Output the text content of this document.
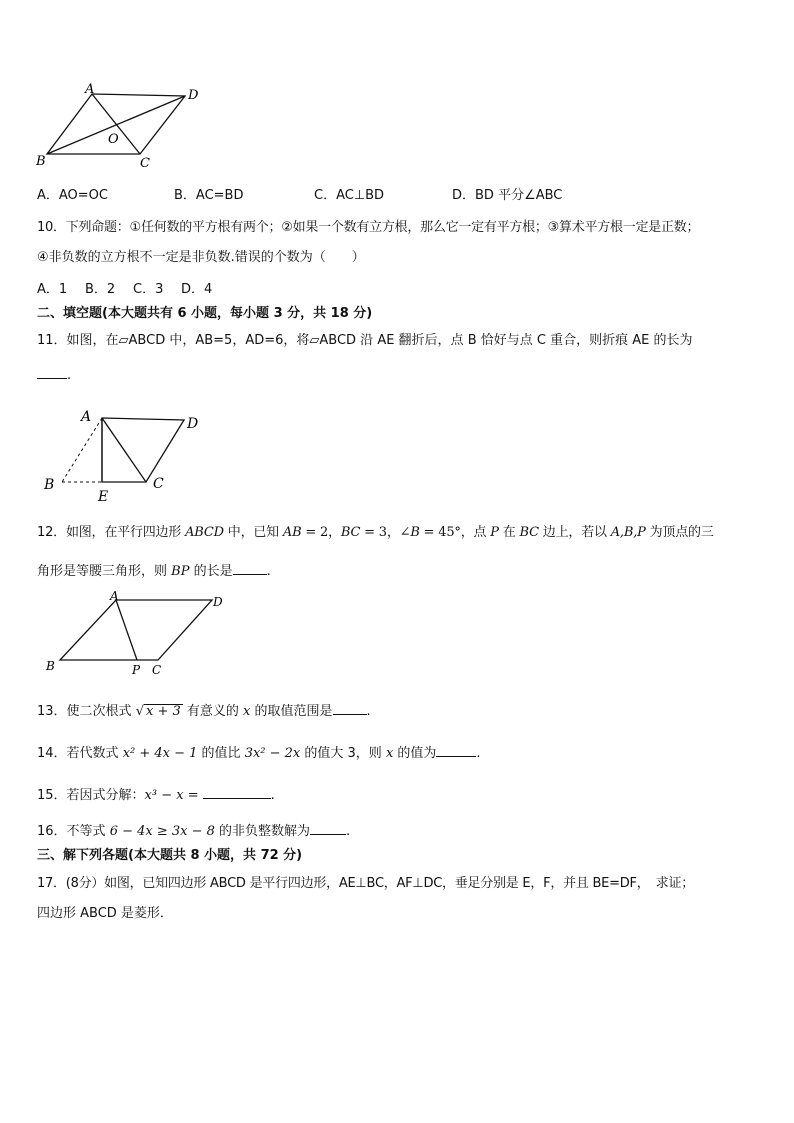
A	D
O
B	C
A．AO=OC	B．AC=BD	C．AC⊥BD	D．BD 平分∠ABC
10．下列命题：①任何数的平方根有两个；②如果一个数有立方根，那么它一定有平方根；③算术平方根一定是正数；
④非负数的立方根不一定是非负数.错误的个数为（　　）
A．1 B．2 C．3 D．4
二、填空题(本大题共有 6 小题，每小题 3 分，共 18 分)
11．如图，在▱ABCD 中，AB=5，AD=6，将▱ABCD 沿 AE 翻折后，点 B 恰好与点 C 重合，则折痕 AE 的长为
.
A	D
B	C
E
12．如图，在平行四边形 ABCD 中，已知 AB = 2，BC = 3，∠B = 45°，点 P 在 BC 边上，若以 A,B,P 为顶点的三
角形是等腰三角形，则 BP 的长是	.
A	D
B	P C
13．使二次根式 √ x + 3 有意义的 x 的取值范围是	.
14．若代数式 x² + 4x − 1 的值比 3x² − 2x 的值大 3，则 x 的值为	.
15．若因式分解：x³ − x =	.
16．不等式 6 − 4x ≥ 3x − 8 的非负整数解为	.
三、解下列各题(本大题共 8 小题，共 72 分)
17．(8分）如图，已知四边形 ABCD 是平行四边形，AE⊥BC，AF⊥DC，垂足分别是 E，F，并且 BE=DF，　求证；
四边形 ABCD 是菱形．
